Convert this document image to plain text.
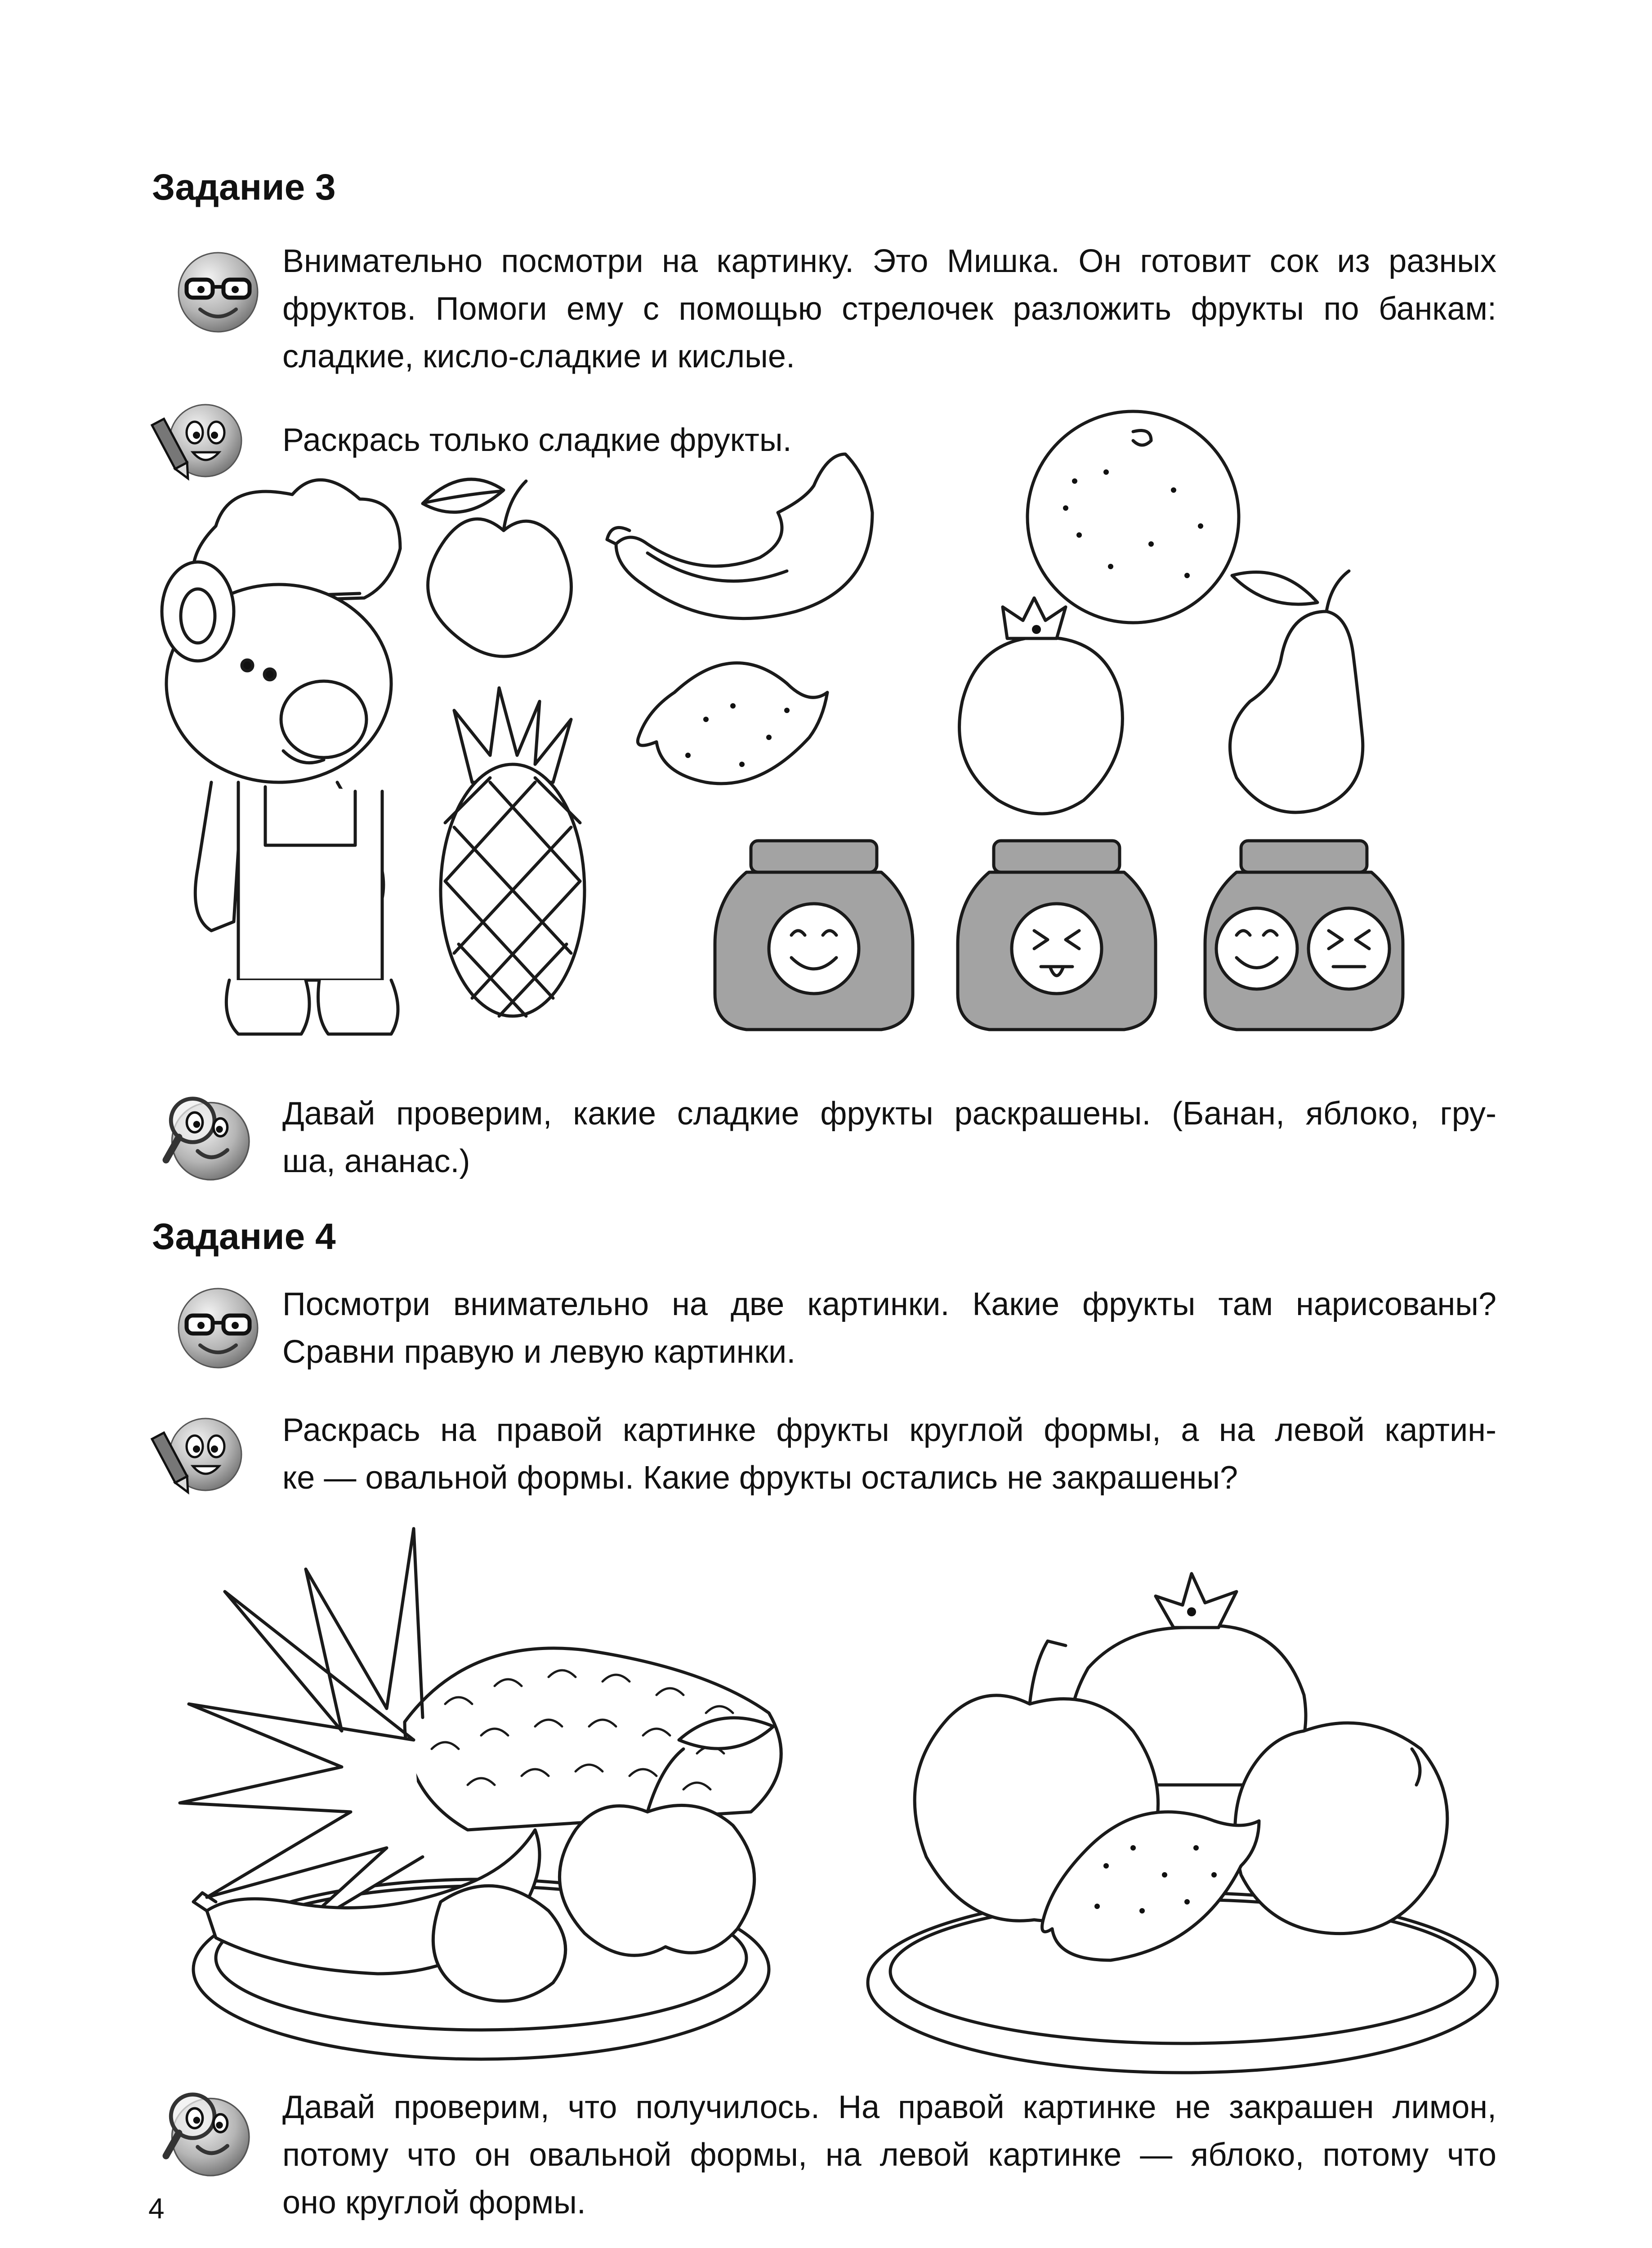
Задание 3

Внимательно посмотри на картинку. Это Мишка. Он готовит сок из разных
фруктов. Помоги ему с помощью стрелочек разложить фрукты по банкам:
сладкие, кисло-сладкие и кислые.

Раскрась только сладкие фрукты.

Давай проверим, какие сладкие фрукты раскрашены. (Банан, яблоко, гру-
ша, ананас.)

Задание 4

Посмотри внимательно на две картинки. Какие фрукты там нарисованы?
Сравни правую и левую картинки.

Раскрась на правой картинке фрукты круглой формы, а на левой картин-
ке — овальной формы. Какие фрукты остались не закрашены?

Давай проверим, что получилось. На правой картинке не закрашен лимон,
потому что он овальной формы, на левой картинке — яблоко, потому что
оно круглой формы.

4
